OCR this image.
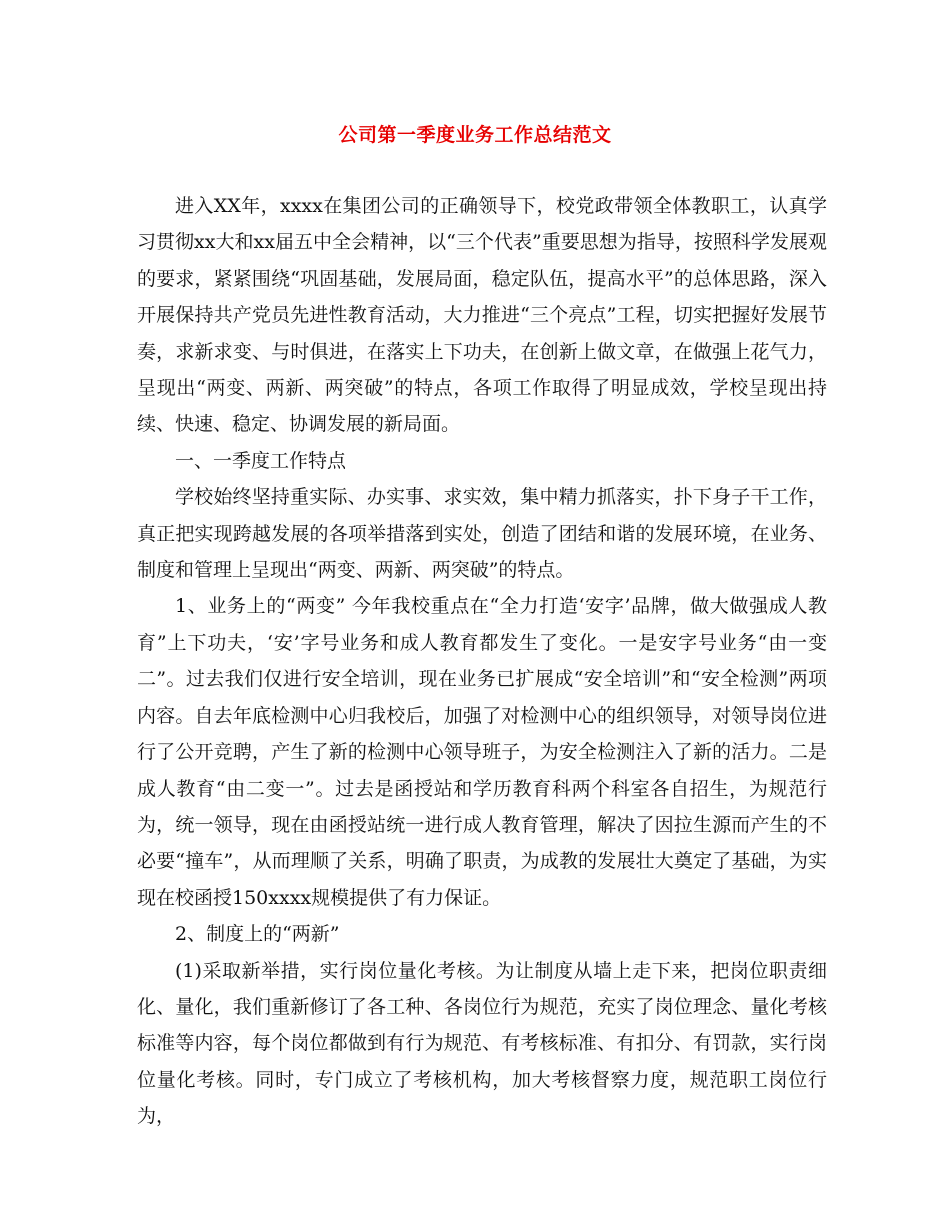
公司第一季度业务工作总结范文

进入XX年，xxxx在集团公司的正确领导下，校党政带领全体教职工，认真学习贯彻xx大和xx届五中全会精神，以“三个代表”重要思想为指导，按照科学发展观的要求，紧紧围绕“巩固基础，发展局面，稳定队伍，提高水平”的总体思路，深入开展保持共产党员先进性教育活动，大力推进“三个亮点”工程，切实把握好发展节奏，求新求变、与时俱进，在落实上下功夫，在创新上做文章，在做强上花气力，呈现出“两变、两新、两突破”的特点，各项工作取得了明显成效，学校呈现出持续、快速、稳定、协调发展的新局面。

一、一季度工作特点

学校始终坚持重实际、办实事、求实效，集中精力抓落实，扑下身子干工作，真正把实现跨越发展的各项举措落到实处，创造了团结和谐的发展环境，在业务、制度和管理上呈现出“两变、两新、两突破”的特点。

1、业务上的“两变” 今年我校重点在“全力打造‘安字’品牌，做大做强成人教育”上下功夫，‘安’字号业务和成人教育都发生了变化。一是安字号业务“由一变二”。过去我们仅进行安全培训，现在业务已扩展成“安全培训”和“安全检测”两项内容。自去年底检测中心归我校后，加强了对检测中心的组织领导，对领导岗位进行了公开竞聘，产生了新的检测中心领导班子，为安全检测注入了新的活力。二是成人教育“由二变一”。过去是函授站和学历教育科两个科室各自招生，为规范行为，统一领导，现在由函授站统一进行成人教育管理，解决了因拉生源而产生的不必要“撞车”，从而理顺了关系，明确了职责，为成教的发展壮大奠定了基础，为实现在校函授150xxxx规模提供了有力保证。

2、制度上的“两新”

(1)采取新举措，实行岗位量化考核。为让制度从墙上走下来，把岗位职责细化、量化，我们重新修订了各工种、各岗位行为规范，充实了岗位理念、量化考核标准等内容，每个岗位都做到有行为规范、有考核标准、有扣分、有罚款，实行岗位量化考核。同时，专门成立了考核机构，加大考核督察力度，规范职工岗位行为，
